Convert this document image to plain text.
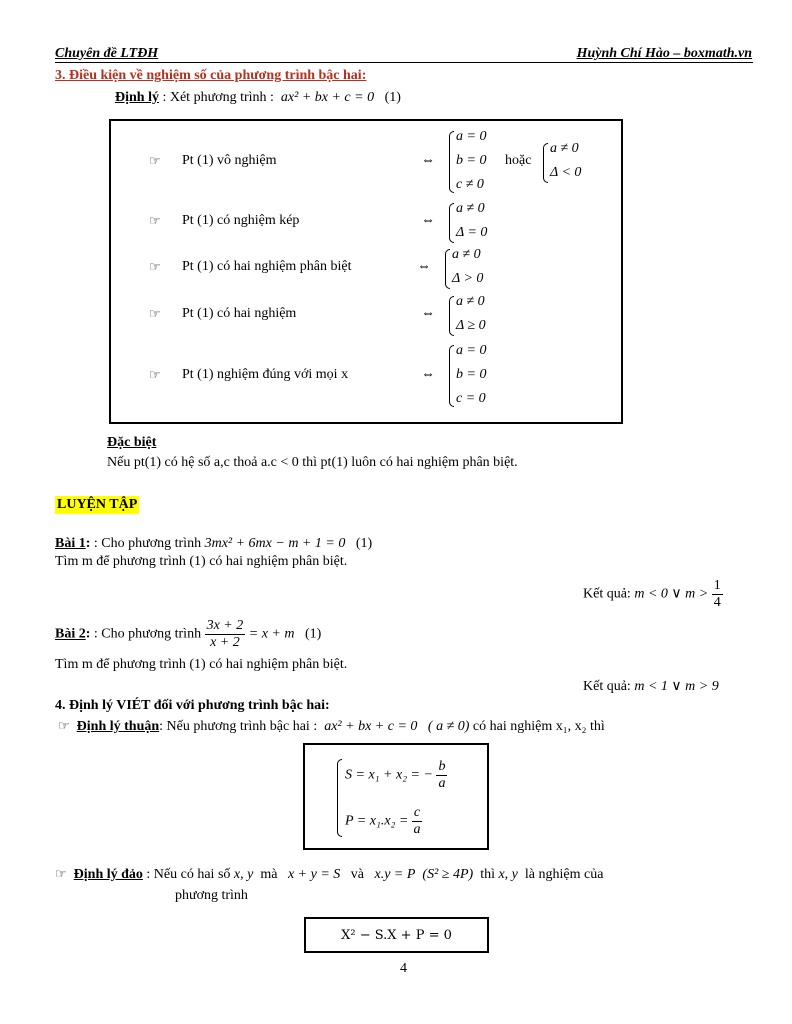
Chuyên đề LTĐH	Huỳnh Chí Hào – boxmath.vn
3. Điều kiện về nghiệm số của phương trình bậc hai:
Định lý : Xét phương trình : ax² + bx + c = 0 (1)
☞ Pt (1) vô nghiệm	⇔
a = 0
b = 0
c ≠ 0
hoặc
a ≠ 0
Δ < 0
☞ Pt (1) có nghiệm kép	⇔
a ≠ 0
Δ = 0
☞ Pt (1) có hai nghiệm phân biệt	⇔
a ≠ 0
Δ > 0
☞ Pt (1) có hai nghiệm	⇔
a ≠ 0
Δ ≥ 0
☞ Pt (1) nghiệm đúng với mọi x	⇔
a = 0
b = 0
c = 0
Đặc biệt
Nếu pt(1) có hệ số a,c thoả a.c < 0 thì pt(1) luôn có hai nghiệm phân biệt.
LUYỆN TẬP
Bài 1: : Cho phương trình 3mx² + 6mx − m + 1 = 0 (1)
Tìm m để phương trình (1) có hai nghiệm phân biệt.
Kết quả: m < 0 ∨ $m > \frac{1}{4}$
Bài 2: : Cho phương trình $\frac{3x + 2}{x + 2} = x + m$ (1)
Tìm m để phương trình (1) có hai nghiệm phân biệt.
Kết quả: m < 1 ∨ m > 9
4. Định lý VIÉT đối với phương trình bậc hai:
☞ Định lý thuận: Nếu phương trình bậc hai : ax² + bx + c = 0 ( a ≠ 0) có hai nghiệm x₁, x₂ thì
S = x₁ + x₂ = − $\frac{b}{a}$
$P = x_1.x_2 = \frac{c}{a}$
☞ Định lý đảo : Nếu có hai số x, y mà x + y = S và x.y = P (S² ≥ 4P) thì x, y là nghiệm của
phương trình
X² − S.X + P = 0
4
